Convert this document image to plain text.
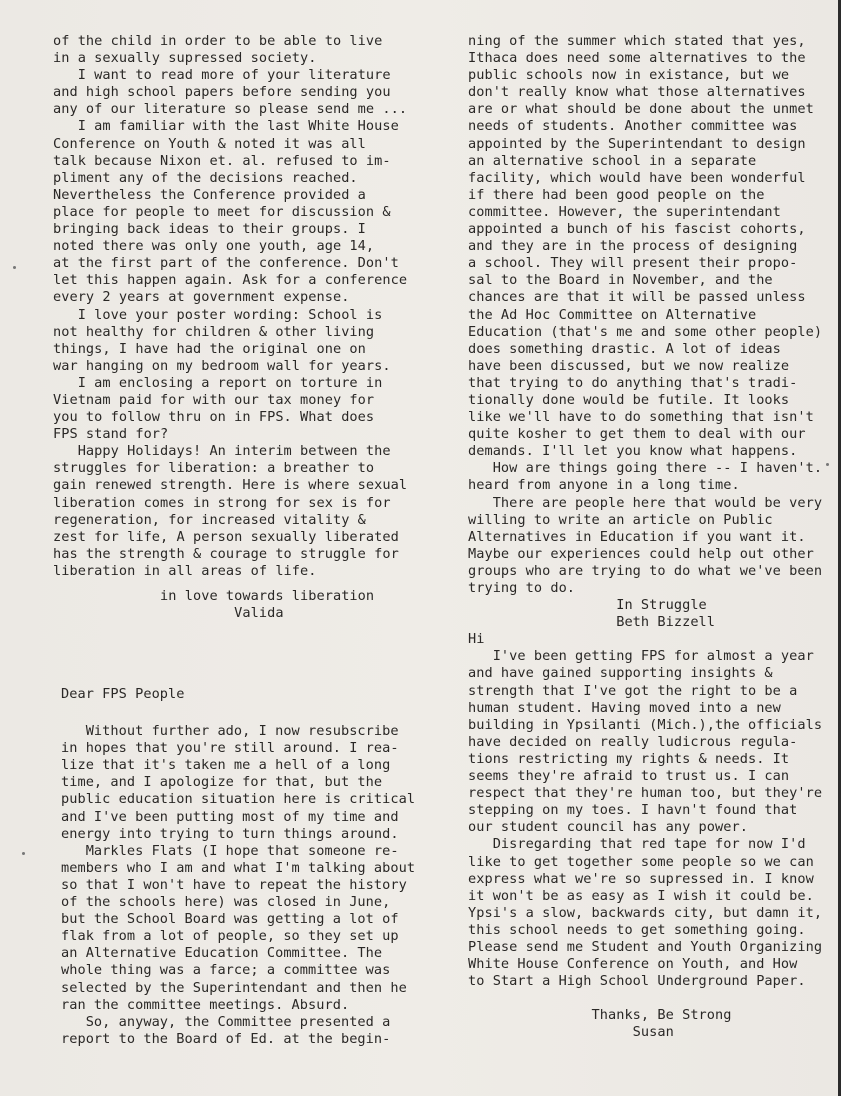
of the child in order to be able to live
in a sexually supressed society.
I want to read more of your literature
and high school papers before sending you
any of our literature so please send me ...
I am familiar with the last White House
Conference on Youth & noted it was all
talk because Nixon et. al. refused to im-
pliment any of the decisions reached.
Nevertheless the Conference provided a
place for people to meet for discussion &
bringing back ideas to their groups. I
noted there was only one youth, age 14,
at the first part of the conference. Don't
let this happen again. Ask for a conference
every 2 years at government expense.
I love your poster wording: School is
not healthy for children & other living
things, I have had the original one on
war hanging on my bedroom wall for years.
I am enclosing a report on torture in
Vietnam paid for with our tax money for
you to follow thru on in FPS. What does
FPS stand for?
Happy Holidays! An interim between the
struggles for liberation: a breather to
gain renewed strength. Here is where sexual
liberation comes in strong for sex is for
regeneration, for increased vitality &
zest for life, A person sexually liberated
has the strength & courage to struggle for
liberation in all areas of life.
in love towards liberation
Valida
Dear FPS People
Without further ado, I now resubscribe
in hopes that you're still around. I rea-
lize that it's taken me a hell of a long
time, and I apologize for that, but the
public education situation here is critical
and I've been putting most of my time and
energy into trying to turn things around.
Markles Flats (I hope that someone re-
members who I am and what I'm talking about
so that I won't have to repeat the history
of the schools here) was closed in June,
but the School Board was getting a lot of
flak from a lot of people, so they set up
an Alternative Education Committee. The
whole thing was a farce; a committee was
selected by the Superintendant and then he
ran the committee meetings. Absurd.
So, anyway, the Committee presented a
report to the Board of Ed. at the begin-
ning of the summer which stated that yes,
Ithaca does need some alternatives to the
public schools now in existance, but we
don't really know what those alternatives
are or what should be done about the unmet
needs of students. Another committee was
appointed by the Superintendant to design
an alternative school in a separate
facility, which would have been wonderful
if there had been good people on the
committee. However, the superintendant
appointed a bunch of his fascist cohorts,
and they are in the process of designing
a school. They will present their propo-
sal to the Board in November, and the
chances are that it will be passed unless
the Ad Hoc Committee on Alternative
Education (that's me and some other people)
does something drastic. A lot of ideas
have been discussed, but we now realize
that trying to do anything that's tradi-
tionally done would be futile. It looks
like we'll have to do something that isn't
quite kosher to get them to deal with our
demands. I'll let you know what happens.
How are things going there -- I haven't.
heard from anyone in a long time.
There are people here that would be very
willing to write an article on Public
Alternatives in Education if you want it.
Maybe our experiences could help out other
groups who are trying to do what we've been
trying to do.
In Struggle
Beth Bizzell
Hi
I've been getting FPS for almost a year
and have gained supporting insights &
strength that I've got the right to be a
human student. Having moved into a new
building in Ypsilanti (Mich.),the officials
have decided on really ludicrous regula-
tions restricting my rights & needs. It
seems they're afraid to trust us. I can
respect that they're human too, but they're
stepping on my toes. I havn't found that
our student council has any power.
Disregarding that red tape for now I'd
like to get together some people so we can
express what we're so supressed in. I know
it won't be as easy as I wish it could be.
Ypsi's a slow, backwards city, but damn it,
this school needs to get something going.
Please send me Student and Youth Organizing
White House Conference on Youth, and How
to Start a High School Underground Paper.
Thanks, Be Strong
Susan
